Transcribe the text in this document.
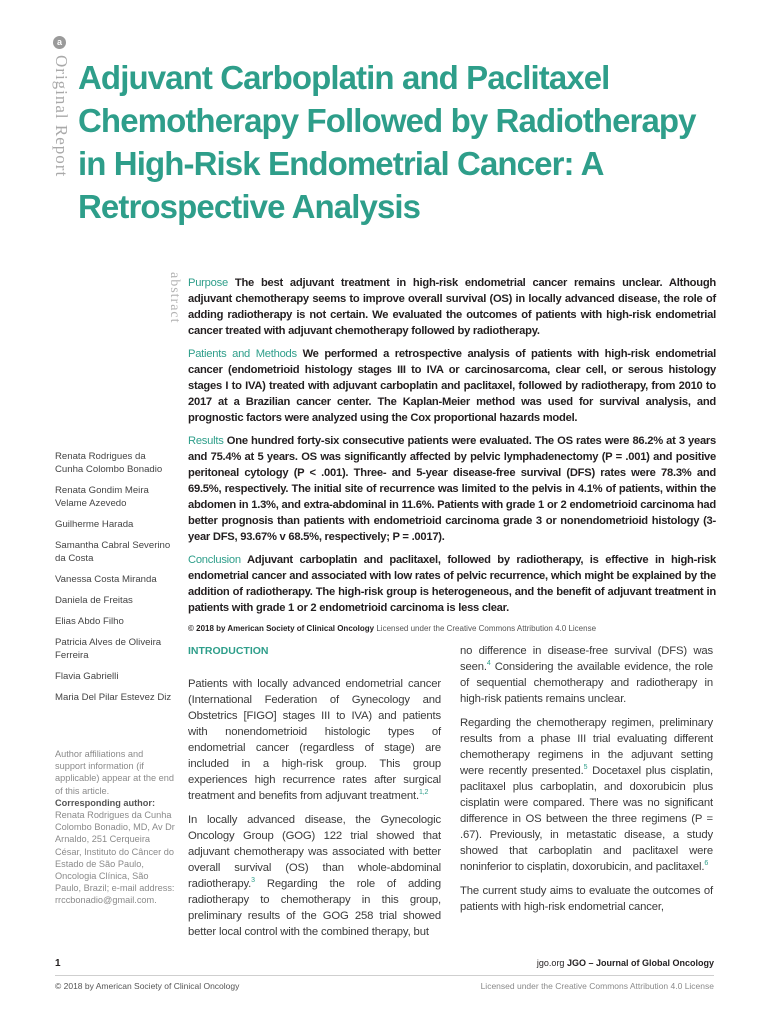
a
Original Report Adjuvant Carboplatin and Paclitaxel
Chemotherapy Followed by Radiotherapy
in High-Risk Endometrial Cancer: A
Retrospective Analysis
abstract Purpose The best adjuvant treatment in high-risk endometrial cancer remains unclear. Although adjuvant chemotherapy seems to improve overall survival (OS) in locally advanced disease, the role of adding radiotherapy is not certain. We evaluated the outcomes of patients with high-risk endometrial cancer treated with adjuvant chemotherapy followed by radiotherapy.

Patients and Methods We performed a retrospective analysis of patients with high-risk endometrial cancer (endometrioid histology stages III to IVA or carcinosarcoma, clear cell, or serous histology stages I to IVA) treated with adjuvant carboplatin and paclitaxel, followed by radiotherapy, from 2010 to 2017 at a Brazilian cancer center. The Kaplan-Meier method was used for survival analysis, and prognostic factors were analyzed using the Cox proportional hazards model.

Results One hundred forty-six consecutive patients were evaluated. The OS rates were 86.2% at 3 years and 75.4% at 5 years. OS was significantly affected by pelvic lymphadenectomy (P = .001) and positive peritoneal cytology (P < .001). Three- and 5-year disease-free survival (DFS) rates were 78.3% and 69.5%, respectively. The initial site of recurrence was limited to the pelvis in 4.1% of patients, within the abdomen in 1.3%, and extra-abdominal in 11.6%. Patients with grade 1 or 2 endometrioid carcinoma had better prognosis than patients with endometrioid carcinoma grade 3 or nonendometrioid histology (3-year DFS, 93.67% v 68.5%, respectively; P = .0017).

Conclusion Adjuvant carboplatin and paclitaxel, followed by radiotherapy, is effective in high-risk endometrial cancer and associated with low rates of pelvic recurrence, which might be explained by the addition of radiotherapy. The high-risk group is heterogeneous, and the benefit of adjuvant treatment in patients with grade 1 or 2 endometrioid carcinoma is less clear.

© 2018 by American Society of Clinical Oncology Licensed under the Creative Commons Attribution 4.0 License

Renata Rodrigues da Cunha Colombo Bonadio
Renata Gondim Meira Velame Azevedo
Guilherme Harada
Samantha Cabral Severino da Costa
Vanessa Costa Miranda
Daniela de Freitas
Elias Abdo Filho
Patricia Alves de Oliveira Ferreira
Flavia Gabrielli
Maria Del Pilar Estevez Diz

Author affiliations and support information (if applicable) appear at the end of this article.

Corresponding author:

Renata Rodrigues da Cunha Colombo Bonadio, MD, Av Dr Arnaldo, 251 Cerqueira César, Instituto do Câncer do Estado de São Paulo, Oncologia Clínica, São Paulo, Brazil; e-mail address: rrccbonadio@gmail.com.

INTRODUCTION

Patients with locally advanced endometrial cancer (International Federation of Gynecology and Obstetrics [FIGO] stages III to IVA) and patients with nonendometrioid histologic types of endometrial cancer (regardless of stage) are included in a high-risk group. This group experiences high recurrence rates after surgical treatment and benefits from adjuvant treatment.$^{1,2}$

In locally advanced disease, the Gynecologic Oncology Group (GOG) 122 trial showed that adjuvant chemotherapy was associated with better overall survival (OS) than whole-abdominal radiotherapy.$^3$ Regarding the role of adding radiotherapy to chemotherapy in this group, preliminary results of the GOG 258 trial showed better local control with the combined therapy, but

no difference in disease-free survival (DFS) was seen.$^4$ Considering the available evidence, the role of sequential chemotherapy and radiotherapy in high-risk patients remains unclear.

Regarding the chemotherapy regimen, preliminary results from a phase III trial evaluating different chemotherapy regimens in the adjuvant setting were recently presented.$^5$ Docetaxel plus cisplatin, paclitaxel plus carboplatin, and doxorubicin plus cisplatin were compared. There was no significant difference in OS between the three regimens (P = .67). Previously, in metastatic disease, a study showed that carboplatin and paclitaxel were noninferior to cisplatin, doxorubicin, and paclitaxel.$^6$

The current study aims to evaluate the outcomes of patients with high-risk endometrial cancer,

1	jgo.org JGO – Journal of Global Oncology
© 2018 by American Society of Clinical Oncology	Licensed under the Creative Commons Attribution 4.0 License
